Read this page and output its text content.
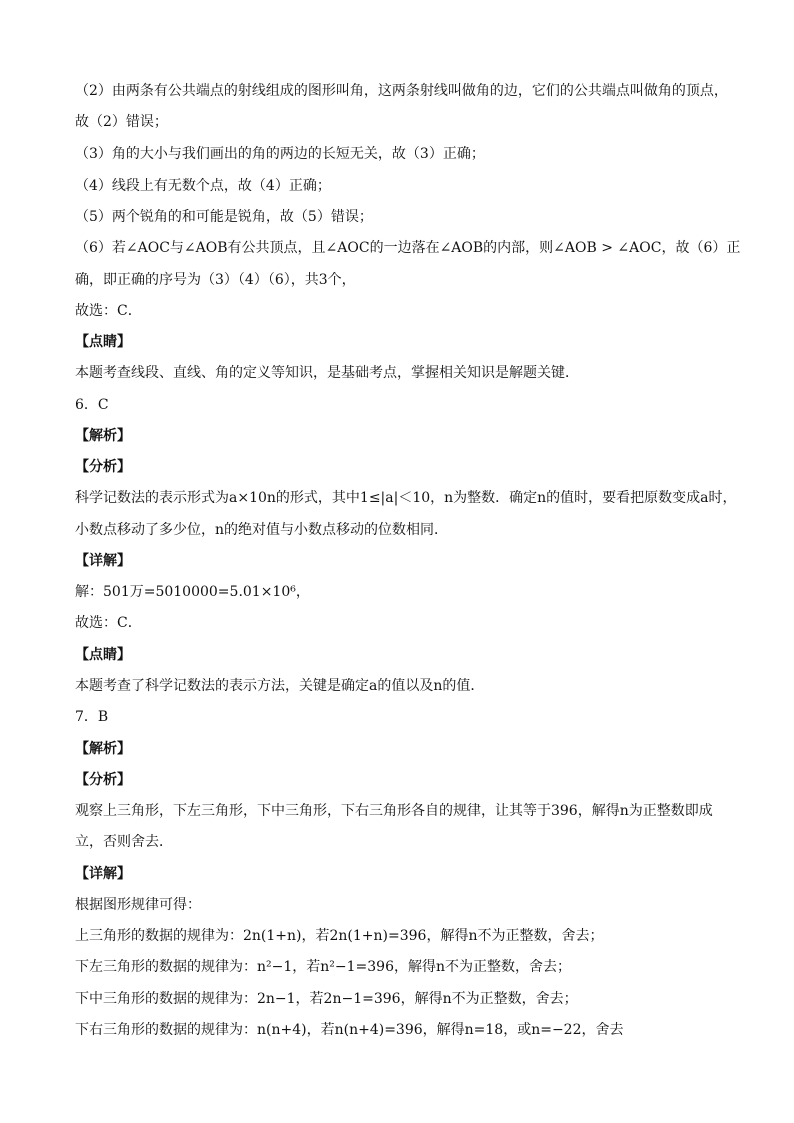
（2）由两条有公共端点的射线组成的图形叫角，这两条射线叫做角的边，它们的公共端点叫做角的顶点，
故（2）错误；
（3）角的大小与我们画出的角的两边的长短无关，故（3）正确；
（4）线段上有无数个点，故（4）正确；
（5）两个锐角的和可能是锐角，故（5）错误；
（6）若∠AOC与∠AOB有公共顶点，且∠AOC的一边落在∠AOB的内部，则∠AOB > ∠AOC，故（6）正
确，即正确的序号为（3）（4）（6），共3个，
故选：C．
【点睛】
本题考查线段、直线、角的定义等知识，是基础考点，掌握相关知识是解题关键．
6．C
【解析】
【分析】
科学记数法的表示形式为a×10n的形式，其中1≤|a|＜10，n为整数．确定n的值时，要看把原数变成a时，
小数点移动了多少位，n的绝对值与小数点移动的位数相同．
【详解】
解：501万=5010000=5.01×10⁶，
故选：C．
【点睛】
本题考查了科学记数法的表示方法，关键是确定a的值以及n的值．
7．B
【解析】
【分析】
观察上三角形，下左三角形，下中三角形，下右三角形各自的规律，让其等于396，解得n为正整数即成
立，否则舍去．
【详解】
根据图形规律可得：
上三角形的数据的规律为：2n(1+n)，若2n(1+n)=396，解得n不为正整数，舍去；
下左三角形的数据的规律为：n²−1，若n²−1=396，解得n不为正整数，舍去；
下中三角形的数据的规律为：2n−1，若2n−1=396，解得n不为正整数，舍去；
下右三角形的数据的规律为：n(n+4)，若n(n+4)=396，解得n=18，或n=−22，舍去
